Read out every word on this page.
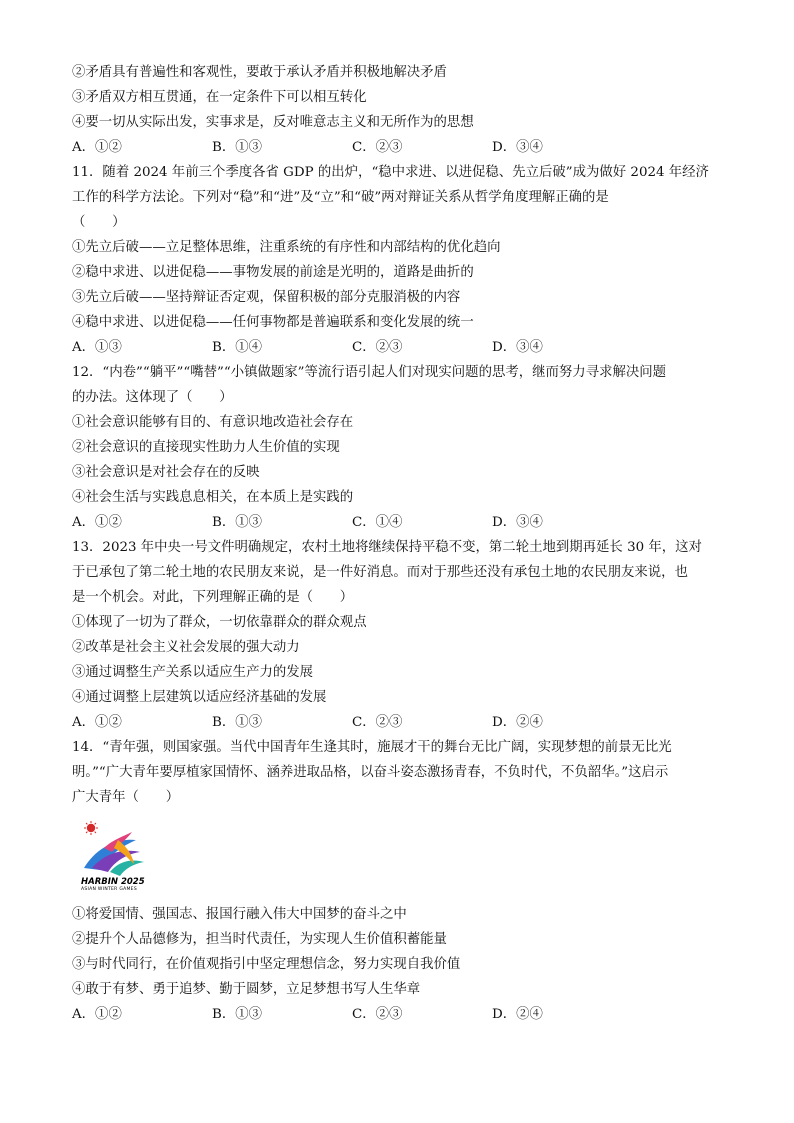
②矛盾具有普遍性和客观性，要敢于承认矛盾并积极地解决矛盾
③矛盾双方相互贯通，在一定条件下可以相互转化
④要一切从实际出发，实事求是，反对唯意志主义和无所作为的思想
A．①②	B．①③	C．②③	D．③④
11．随着 2024 年前三个季度各省 GDP 的出炉，“稳中求进、以进促稳、先立后破”成为做好 2024 年经济
工作的科学方法论。下列对“稳”和“进”及“立”和“破”两对辩证关系从哲学角度理解正确的是
（　　）
①先立后破——立足整体思维，注重系统的有序性和内部结构的优化趋向
②稳中求进、以进促稳——事物发展的前途是光明的，道路是曲折的
③先立后破——坚持辩证否定观，保留积极的部分克服消极的内容
④稳中求进、以进促稳——任何事物都是普遍联系和变化发展的统一
A．①③	B．①④	C．②③	D．③④
12．“内卷”“躺平”“嘴替”“小镇做题家”等流行语引起人们对现实问题的思考，继而努力寻求解决问题
的办法。这体现了（　　）
①社会意识能够有目的、有意识地改造社会存在
②社会意识的直接现实性助力人生价值的实现
③社会意识是对社会存在的反映
④社会生活与实践息息相关，在本质上是实践的
A．①②	B．①③	C．①④	D．③④
13．2023 年中央一号文件明确规定，农村土地将继续保持平稳不变，第二轮土地到期再延长 30 年，这对
于已承包了第二轮土地的农民朋友来说，是一件好消息。而对于那些还没有承包土地的农民朋友来说，也
是一个机会。对此，下列理解正确的是（　　）
①体现了一切为了群众，一切依靠群众的群众观点
②改革是社会主义社会发展的强大动力
③通过调整生产关系以适应生产力的发展
④通过调整上层建筑以适应经济基础的发展
A．①②	B．①③	C．②③	D．②④
14．“青年强，则国家强。当代中国青年生逢其时，施展才干的舞台无比广阔，实现梦想的前景无比光
明。”“广大青年要厚植家国情怀、涵养进取品格，以奋斗姿态激扬青春，不负时代，不负韶华。”这启示
广大青年（　　）
HARBIN 2025
ASIAN WINTER GAMES
①将爱国情、强国志、报国行融入伟大中国梦的奋斗之中
②提升个人品德修为，担当时代责任，为实现人生价值积蓄能量
③与时代同行，在价值观指引中坚定理想信念，努力实现自我价值
④敢于有梦、勇于追梦、勤于圆梦，立足梦想书写人生华章
A．①②	B．①③	C．②③	D．②④
